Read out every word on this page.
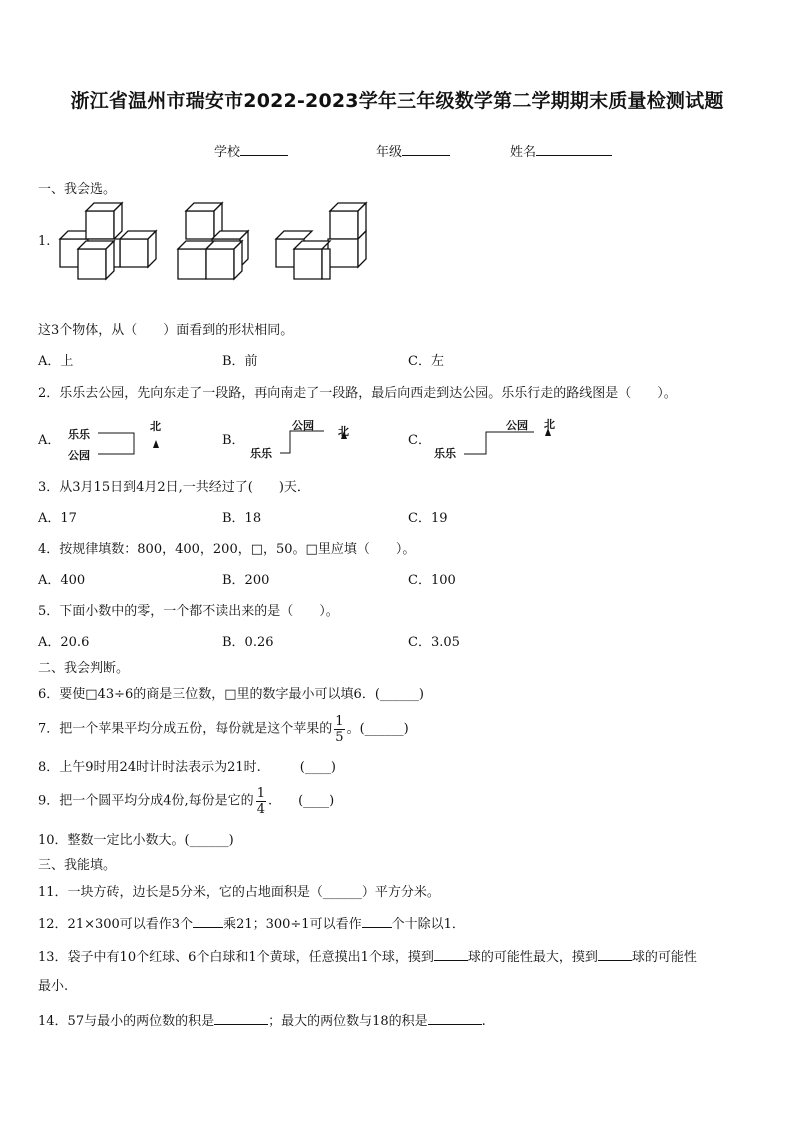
浙江省温州市瑞安市2022-2023学年三年级数学第二学期期末质量检测试题
学校	年级	姓名
一、我会选。
1.
这3个物体，从（　　）面看到的形状相同。
A．上	B．前	C．左
2．乐乐去公园，先向东走了一段路，再向南走了一段路，最后向西走到达公园。乐乐行走的路线图是（　　）。
A．	B．	C．
乐乐
公园
北	公园
乐乐
北	公园
乐乐
北
3．从3月15日到4月2日,一共经过了(　　)天．
A．17	B．18	C．19
4．按规律填数：800，400，200，□，50。□里应填（　　）。
A．400	B．200	C．100
5．下面小数中的零，一个都不读出来的是（　　）。
A．20.6	B．0.26	C．3.05
二、我会判断。
6．要使□43÷6的商是三位数，□里的数字最小可以填6．(______)
7．把一个苹果平均分成五份，每份就是这个苹果的 $\frac{1}{5}$ 。(______)
8．上午9时用24时计时法表示为21时.　　　(____)
9．把一个圆平均分成4份,每份是它的 $\frac{1}{4}$ .　　(____)
10．整数一定比小数大。(______)
三、我能填。
11．一块方砖，边长是5分米，它的占地面积是（______）平方分米。
12．21×300可以看作3个 乘21；300÷1可以看作 个十除以1．
13．袋子中有10个红球、6个白球和1个黄球，任意摸出1个球，摸到	球的可能性最大，摸到	球的可能性
最小.
14．57与最小的两位数的积是	；最大的两位数与18的积是	.
